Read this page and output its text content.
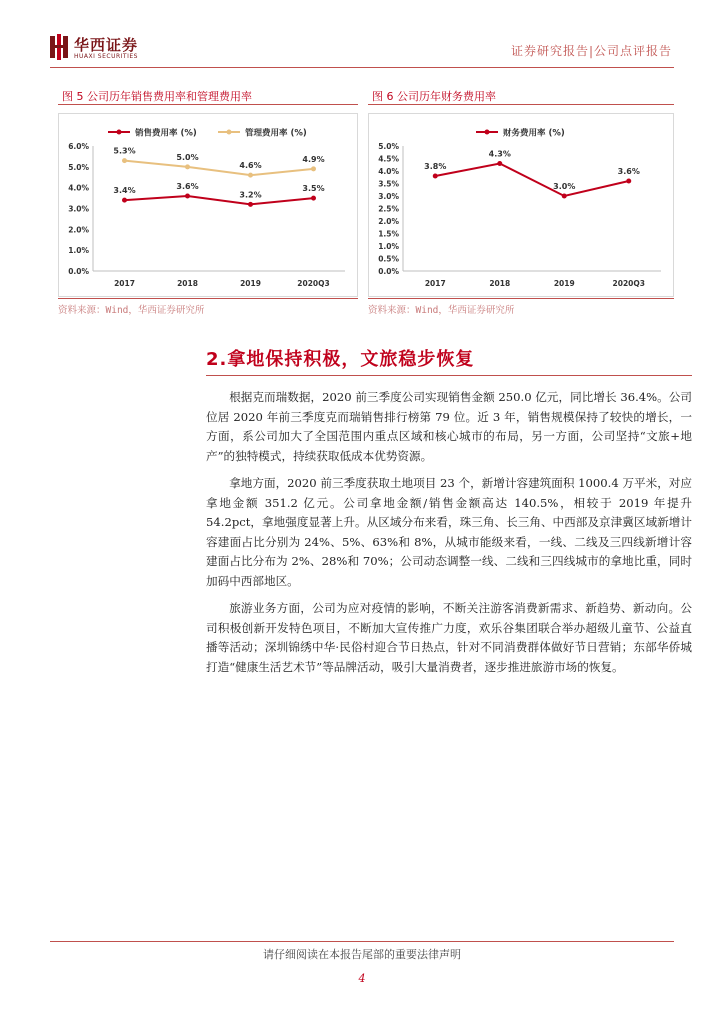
华西证券
HUAXI SECURITIES	证券研究报告|公司点评报告
图 5 公司历年销售费用率和管理费用率
销售费用率 (%)	管理费用率 (%)
0.0%
1.0%
2.0%
3.0%
4.0%
5.0%
6.0%
2017	2018	2019	2020Q3
3.4%	3.6%
3.2%
3.5%
5.3%
5.0%
4.6%
4.9%
资料来源：Wind，华西证券研究所
图 6 公司历年财务费用率
财务费用率 (%)
0.0%
0.5%
1.0%
1.5%
2.0%
2.5%
3.0%
3.5%
4.0%
4.5%
5.0%
2017	2018	2019	2020Q3
3.8%
4.3%
3.0%
3.6%
资料来源：Wind，华西证券研究所
2.拿地保持积极，文旅稳步恢复

根据克而瑞数据，2020 前三季度公司实现销售金额 250.0 亿元，同比增长 36.4%。公司位居 2020 年前三季度克而瑞销售排行榜第 79 位。近 3 年，销售规模保持了较快的增长，一方面，系公司加大了全国范围内重点区域和核心城市的布局，另一方面，公司坚持“文旅+地产”的独特模式，持续获取低成本优势资源。

拿地方面，2020 前三季度获取土地项目 23 个，新增计容建筑面积 1000.4 万平米，对应拿地金额 351.2 亿元。公司拿地金额/销售金额高达 140.5%，相较于 2019 年提升 54.2pct，拿地强度显著上升。从区域分布来看，珠三角、长三角、中西部及京津冀区域新增计容建面占比分别为 24%、5%、63%和 8%，从城市能级来看，一线、二线及三四线新增计容建面占比分布为 2%、28%和 70%；公司动态调整一线、二线和三四线城市的拿地比重，同时加码中西部地区。

旅游业务方面，公司为应对疫情的影响，不断关注游客消费新需求、新趋势、新动向。公司积极创新开发特色项目，不断加大宣传推广力度，欢乐谷集团联合举办超级儿童节、公益直播等活动；深圳锦绣中华·民俗村迎合节日热点，针对不同消费群体做好节日营销；东部华侨城打造“健康生活艺术节”等品牌活动，吸引大量消费者，逐步推进旅游市场的恢复。

请仔细阅读在本报告尾部的重要法律声明
4
